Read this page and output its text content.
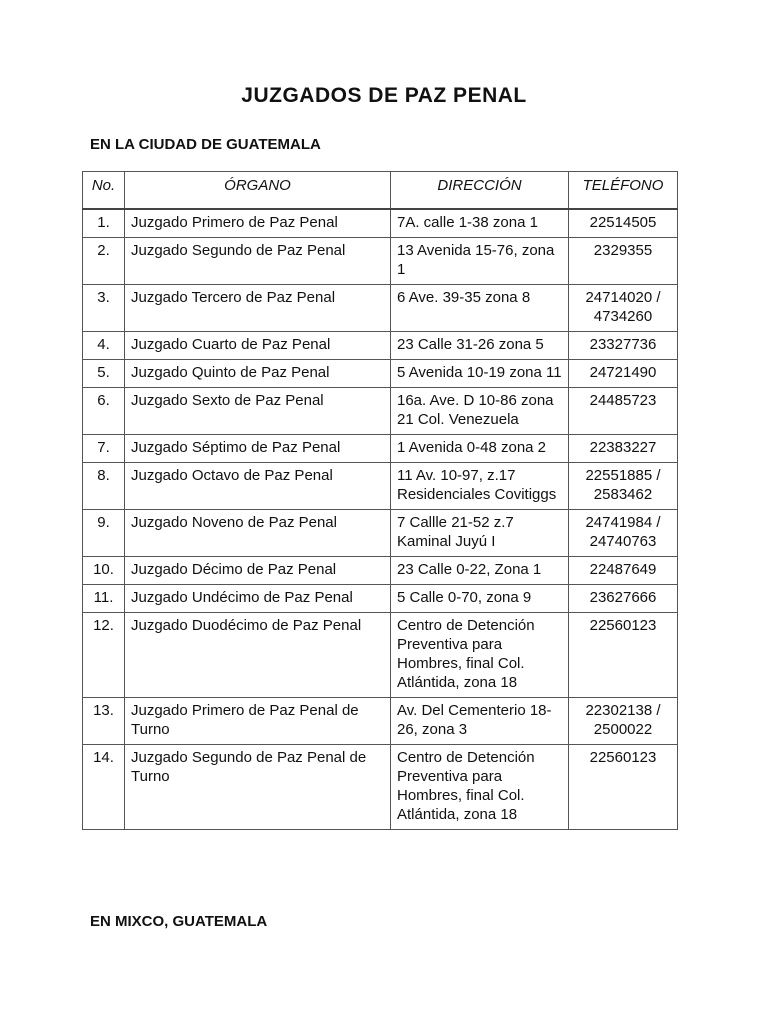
JUZGADOS DE PAZ PENAL
EN LA CIUDAD DE GUATEMALA
No.	ÓRGANO	DIRECCIÓN	TELÉFONO
1.	Juzgado Primero de Paz Penal	7A. calle 1-38 zona 1	22514505
2.	Juzgado Segundo de Paz Penal	13 Avenida 15-76, zona 1	2329355
3.	Juzgado Tercero de Paz Penal	6 Ave. 39-35 zona 8	24714020 / 4734260
4.	Juzgado Cuarto de Paz Penal	23 Calle 31-26 zona 5	23327736
5.	Juzgado Quinto de Paz Penal	5 Avenida 10-19 zona 11	24721490
6.	Juzgado Sexto de Paz Penal	16a. Ave. D 10-86 zona 21 Col. Venezuela	24485723
7.	Juzgado Séptimo de Paz Penal	1 Avenida 0-48 zona 2	22383227
8.	Juzgado Octavo de Paz Penal	11 Av. 10-97, z.17 Residenciales Covitiggs	22551885 / 2583462
9.	Juzgado Noveno de Paz Penal	7 Callle 21-52 z.7 Kaminal Juyú I	24741984 / 24740763
10.	Juzgado Décimo de Paz Penal	23 Calle 0-22, Zona 1	22487649
11.	Juzgado Undécimo de Paz Penal	5 Calle 0-70, zona 9	23627666
12.	Juzgado Duodécimo de Paz Penal	Centro de Detención Preventiva para Hombres, final Col. Atlántida, zona 18	22560123
13.	Juzgado Primero de Paz Penal de Turno	Av. Del Cementerio 18-26, zona 3	22302138 / 2500022
14.	Juzgado Segundo de Paz Penal de Turno	Centro de Detención Preventiva para Hombres, final Col. Atlántida, zona 18	22560123
EN MIXCO, GUATEMALA
